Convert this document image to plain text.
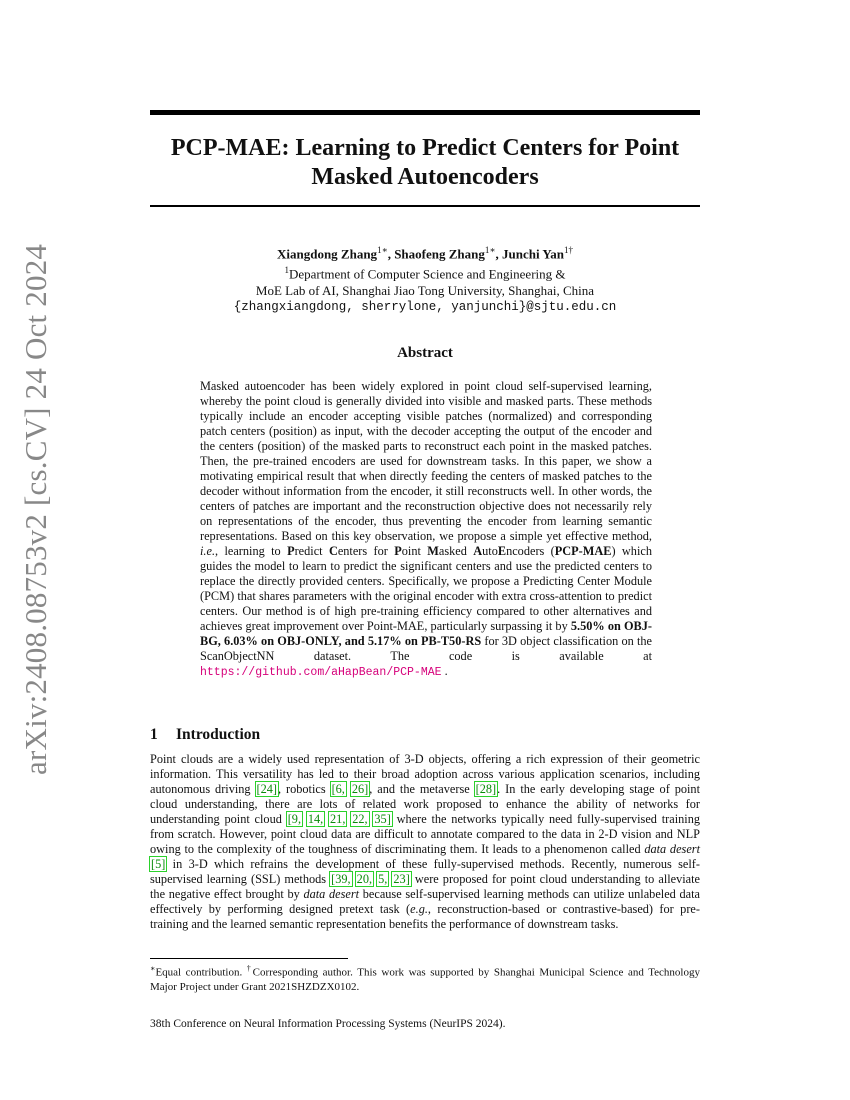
arXiv:2408.08753v2 [cs.CV] 24 Oct 2024
PCP-MAE: Learning to Predict Centers for Point
Masked Autoencoders
Xiangdong Zhang$^{1∗}$, Shaofeng Zhang$^{1∗}$, Junchi Yan$^{1\dagger}$
$^1$Department of Computer Science and Engineering &
MoE Lab of AI, Shanghai Jiao Tong University, Shanghai, China
{zhangxiangdong, sherrylone, yanjunchi}@sjtu.edu.cn
Abstract
Masked autoencoder has been widely explored in point cloud self-supervised learning, whereby the point cloud is generally divided into visible and masked parts. These methods typically include an encoder accepting visible patches (normalized) and corresponding patch centers (position) as input, with the decoder accepting the output of the encoder and the centers (position) of the masked parts to reconstruct each point in the masked patches. Then, the pre-trained encoders are used for downstream tasks. In this paper, we show a motivating empirical result that when directly feeding the centers of masked patches to the decoder without information from the encoder, it still reconstructs well. In other words, the centers of patches are important and the reconstruction objective does not necessarily rely on representations of the encoder, thus preventing the encoder from learning semantic representations. Based on this key observation, we propose a simple yet effective method, i.e., learning to Predict Centers for Point Masked AutoEncoders (PCP-MAE) which guides the model to learn to predict the significant centers and use the predicted centers to replace the directly provided centers. Specifically, we propose a Predicting Center Module (PCM) that shares parameters with the original encoder with extra cross-attention to predict centers. Our method is of high pre-training efficiency compared to other alternatives and achieves great improvement over Point-MAE, particularly surpassing it by 5.50% on OBJ-BG, 6.03% on OBJ-ONLY, and 5.17% on PB-T50-RS for 3D object classification on the ScanObjectNN dataset. The code is available at https://github.com/aHapBean/PCP-MAE .
1 Introduction
Point clouds are a widely used representation of 3-D objects, offering a rich expression of their geometric information. This versatility has led to their broad adoption across various application scenarios, including autonomous driving [24], robotics [6, 26], and the metaverse [28]. In the early developing stage of point cloud understanding, there are lots of related work proposed to enhance the ability of networks for understanding point cloud [9, 14, 21, 22, 35] where the networks typically need fully-supervised training from scratch. However, point cloud data are difficult to annotate compared to the data in 2-D vision and NLP owing to the complexity of the toughness of discriminating them. It leads to a phenomenon called data desert [5] in 3-D which refrains the development of these fully-supervised methods. Recently, numerous self-supervised learning (SSL) methods [39, 20, 5, 23] were proposed for point cloud understanding to alleviate the negative effect brought by data desert because self-supervised learning methods can utilize unlabeled data effectively by performing designed pretext task (e.g., reconstruction-based or contrastive-based) for pre-training and the learned semantic representation benefits the performance of downstream tasks.
∗Equal contribution. †Corresponding author. This work was supported by Shanghai Municipal Science and Technology Major Project under Grant 2021SHZDZX0102.
38th Conference on Neural Information Processing Systems (NeurIPS 2024).
